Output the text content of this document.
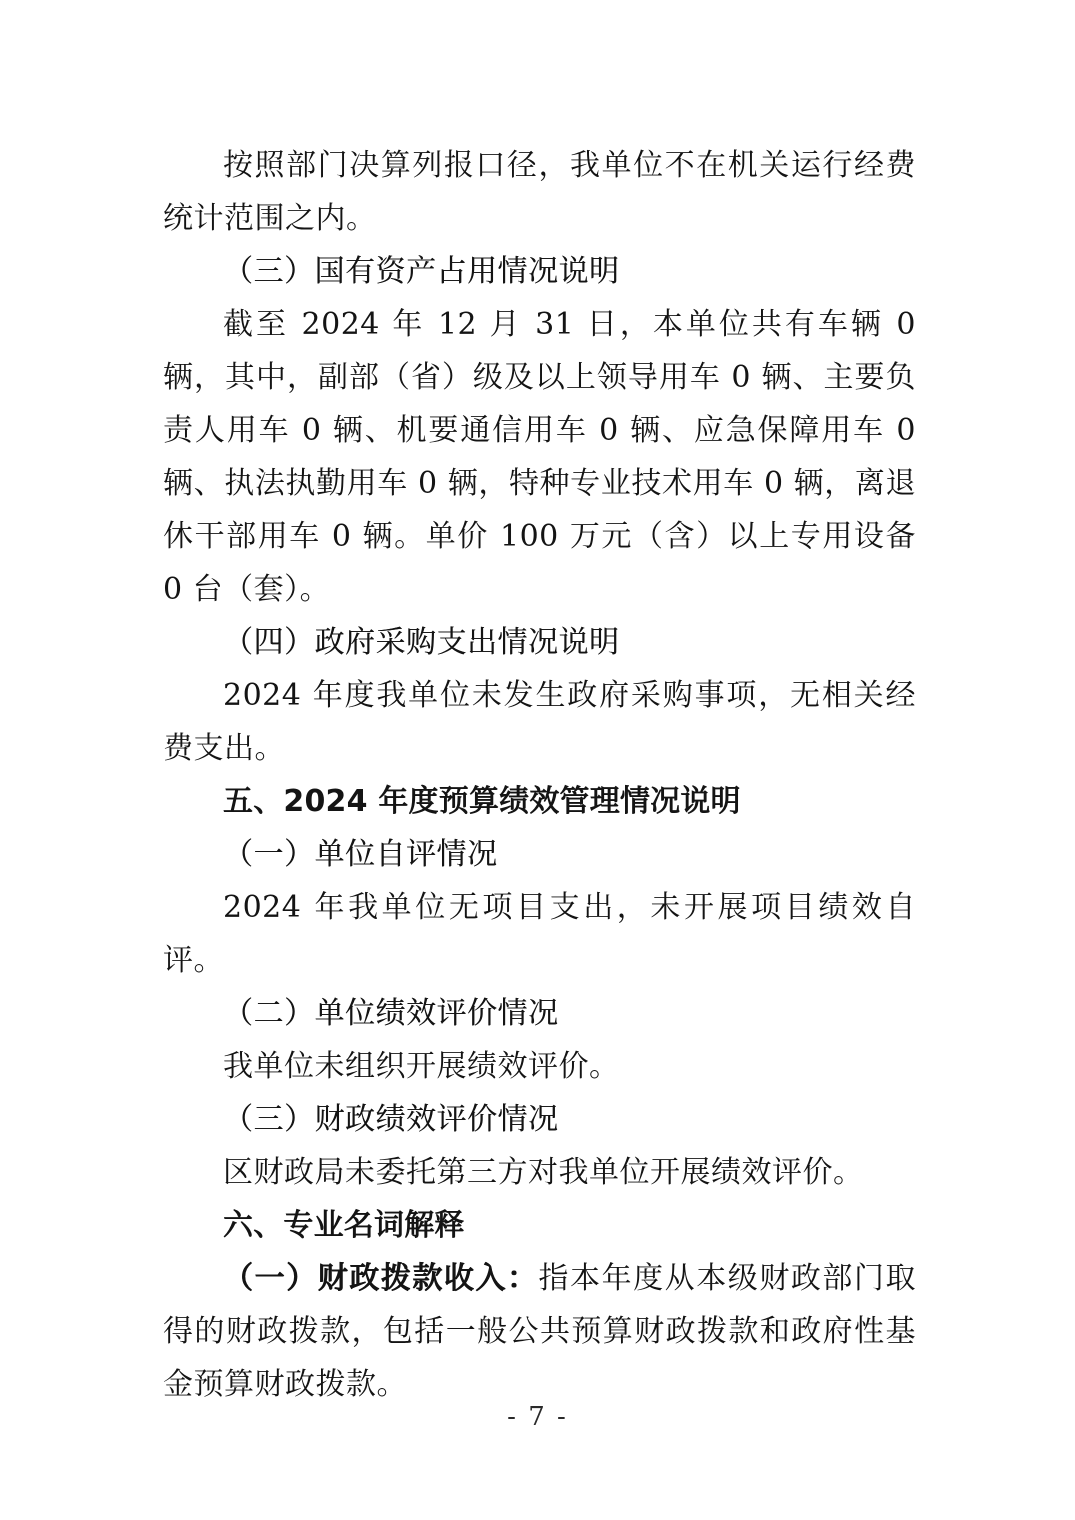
按照部门决算列报口径，我单位不在机关运行经费统计范围之内。

（三）国有资产占用情况说明

截至 2024 年 12 月 31 日，本单位共有车辆 0 辆，其中，副部（省）级及以上领导用车 0 辆、主要负责人用车 0 辆、机要通信用车 0 辆、应急保障用车 0 辆、执法执勤用车 0 辆，特种专业技术用车 0 辆，离退休干部用车 0 辆。单价 100 万元（含）以上专用设备 0 台（套）。

（四）政府采购支出情况说明

2024 年度我单位未发生政府采购事项，无相关经费支出。

五、2024 年度预算绩效管理情况说明

（一）单位自评情况

2024 年我单位无项目支出，未开展项目绩效自评。

（二）单位绩效评价情况

我单位未组织开展绩效评价。

（三）财政绩效评价情况

区财政局未委托第三方对我单位开展绩效评价。

六、专业名词解释

（一）财政拨款收入：指本年度从本级财政部门取得的财政拨款，包括一般公共预算财政拨款和政府性基金预算财政拨款。

- 7 -
